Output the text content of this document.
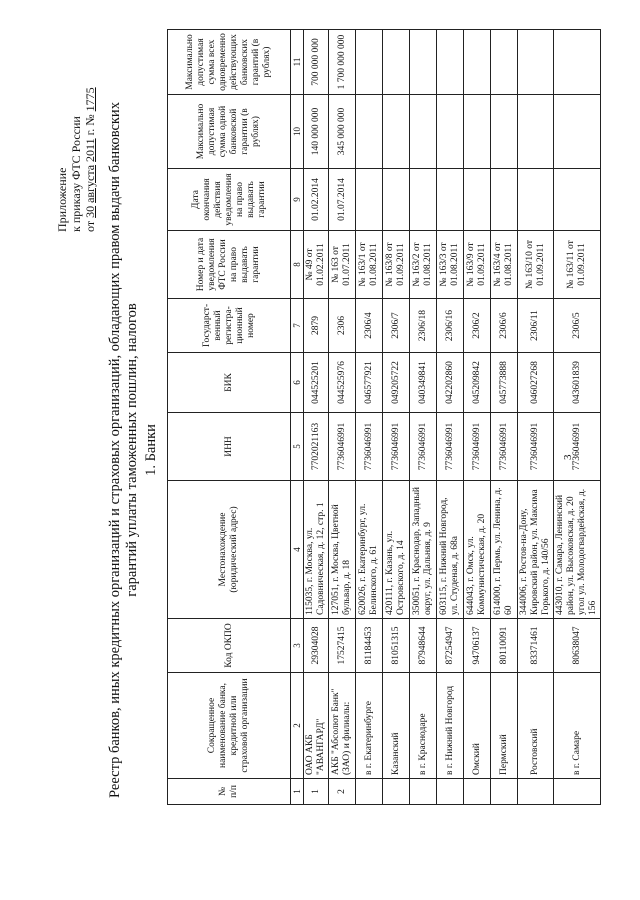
3
Приложение к приказу ФТС России от 30 августа 2011 г. № 1775
Реестр банков, иных кредитных организаций и страховых организаций, обладающих правом выдачи банковских гарантий уплаты таможенных пошлин, налогов 1. Банки
№ п/п	Сокращенное наименование банка, кредитной или страховой организации	Код ОКПО	Местонахождение (юридический адрес)	ИНН	БИК	Государст-венный регистра-ционный номер	Номер и дата уведомления ФТС России на право выдавать гарантии	Дата окончания действия уведомления на право выдавать гарантии	Максимально допустимая сумма одной банковской гарантии (в рублях)	Максимально допустимая сумма всех одновременно действующих банковских гарантий (в рублях)
1	2	3	4	5	6	7	8	9	10	11
1	ОАО АКБ "АВАНГАРД"	29304028	115035, г. Москва, ул. Садовническая, д. 12, стр. 1	7702021163	044525201	2879	№ 49 от 01.02.2011	01.02.2014	140 000 000	700 000 000
2	АКБ "Абсолют Банк" (ЗАО) и филиалы:	17527415	127051, г. Москва, Цветной бульвар, д. 18	7736046991	044525976	2306	№ 163 от 01.07.2011	01.07.2014	345 000 000	1 700 000 000
	в г. Екатеринбурге	81184453	620026, г. Екатеринбург, ул. Белинского, д. 61	7736046991	046577921	2306/4	№ 163/1 от 01.08.2011			
	Казанский	81051315	420111, г. Казань, ул. Островского, д. 14	7736046991	049205722	2306/7	№ 163/8 от 01.09.2011			
	в г. Краснодаре	87948644	350051, г. Краснодар, Западный округ, ул. Дальняя, д. 9	7736046991	040349841	2306/18	№ 163/2 от 01.08.2011			
	в г. Нижний Новгород	87254947	603115, г. Нижний Новгород, ул. Студеная, д. 68а	7736046991	042202860	2306/16	№ 163/3 от 01.08.2011			
	Омский	94706137	644043, г. Омск, ул. Коммунистическая, д. 20	7736046991	045209842	2306/2	№ 163/9 от 01.09.2011			
	Пермский	80110091	614000, г. Пермь, ул. Ленина, д. 60	7736046991	045773888	2306/6	№ 163/4 от 01.08.2011			
	Ростовский	83371461	344006, г. Ростов-на-Дону, Кировский район, ул. Максима Горького, д. 140/56	7736046991	046027268	2306/11	№ 163/10 от 01.09.2011			
	в г. Самаре	80638047	443010, г. Самара, Ленинский район, ул. Высоковская, д. 20 угол ул. Молодогвардейская, д. 156	7736046991	043601839	2306/5	№ 163/11 от 01.09.2011			
